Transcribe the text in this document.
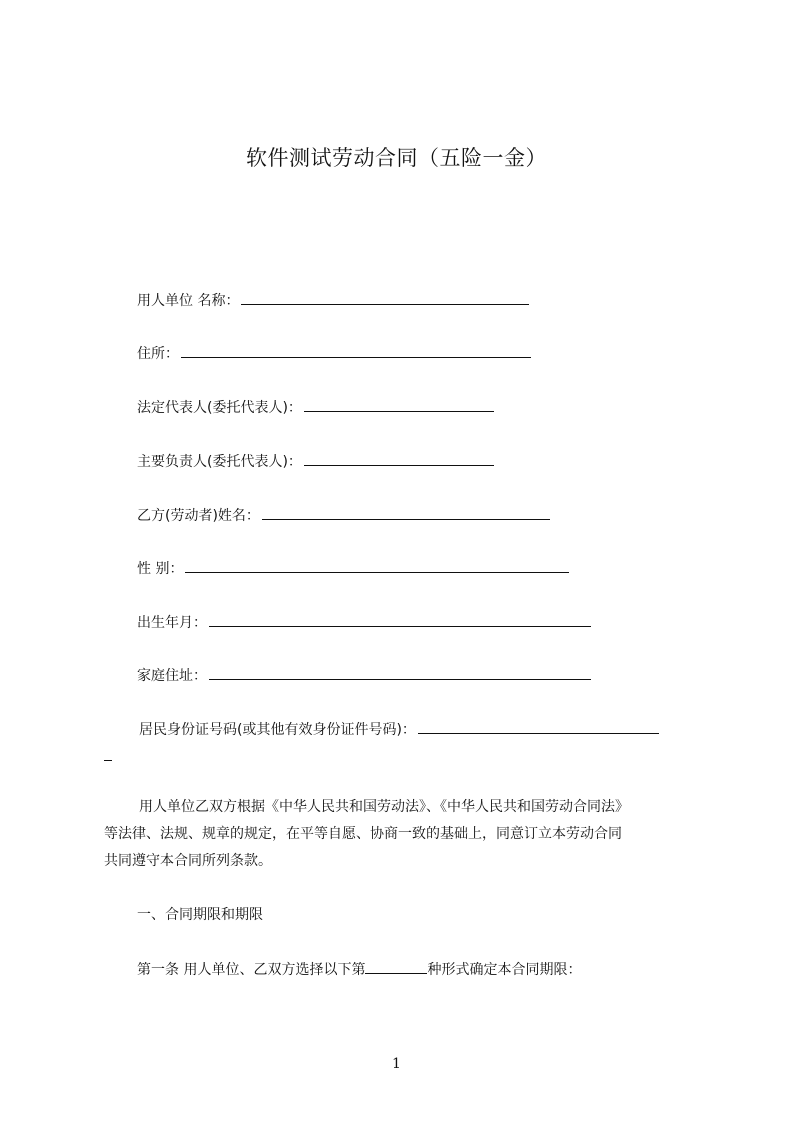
软件测试劳动合同（五险一金）
用人单位 名称：
住所：
法定代表人(委托代表人)：
主要负责人(委托代表人)：
乙方(劳动者)姓名：
性 别：
出生年月：
家庭住址：
居民身份证号码(或其他有效身份证件号码)：
用人单位乙双方根据《中华人民共和国劳动法》、《中华人民共和国劳动合同法》
等法律、法规、规章的规定，在平等自愿、协商一致的基础上，同意订立本劳动合同
共同遵守本合同所列条款。
一、合同期限和期限
第一条 用人单位、乙双方选择以下第	种形式确定本合同期限：
1
